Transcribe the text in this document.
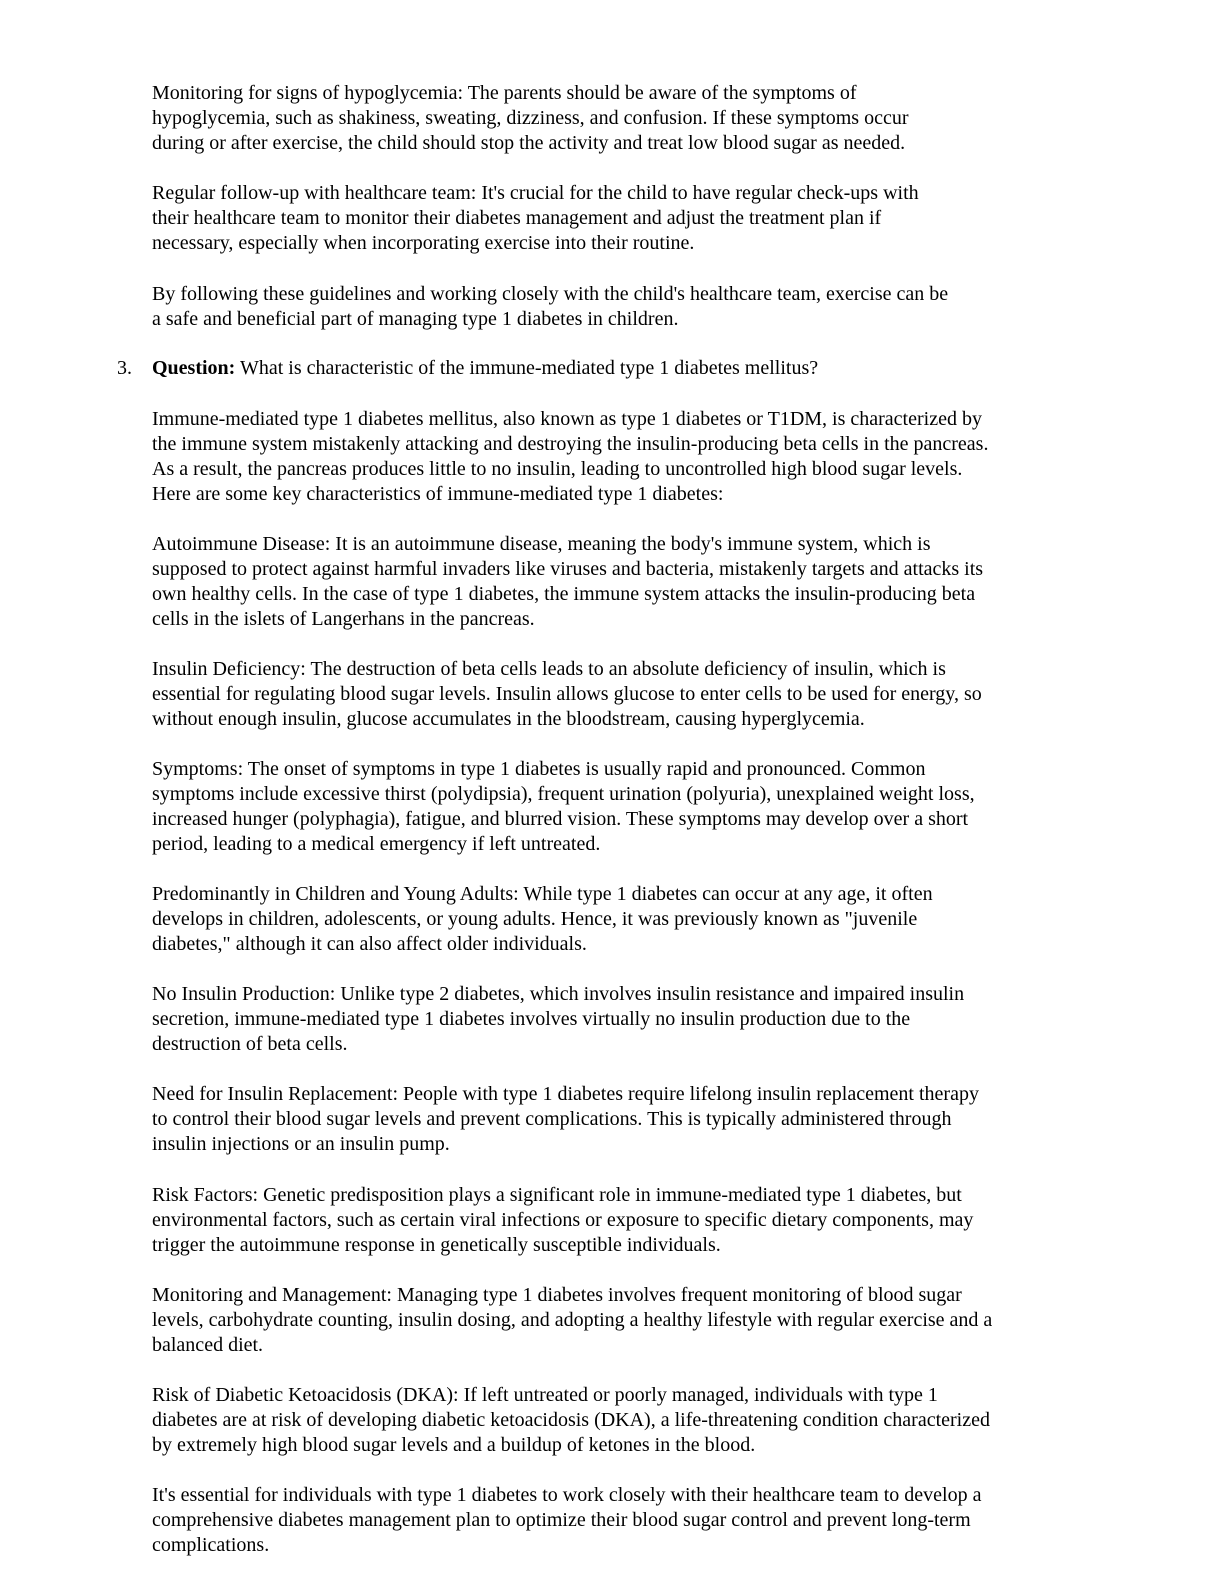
Monitoring for signs of hypoglycemia: The parents should be aware of the symptoms of
hypoglycemia, such as shakiness, sweating, dizziness, and confusion. If these symptoms occur
during or after exercise, the child should stop the activity and treat low blood sugar as needed.

Regular follow-up with healthcare team: It's crucial for the child to have regular check-ups with
their healthcare team to monitor their diabetes management and adjust the treatment plan if
necessary, especially when incorporating exercise into their routine.

By following these guidelines and working closely with the child's healthcare team, exercise can be
a safe and beneficial part of managing type 1 diabetes in children.

3. Question: What is characteristic of the immune-mediated type 1 diabetes mellitus?

Immune-mediated type 1 diabetes mellitus, also known as type 1 diabetes or T1DM, is characterized by
the immune system mistakenly attacking and destroying the insulin-producing beta cells in the pancreas.
As a result, the pancreas produces little to no insulin, leading to uncontrolled high blood sugar levels.
Here are some key characteristics of immune-mediated type 1 diabetes:

Autoimmune Disease: It is an autoimmune disease, meaning the body's immune system, which is
supposed to protect against harmful invaders like viruses and bacteria, mistakenly targets and attacks its
own healthy cells. In the case of type 1 diabetes, the immune system attacks the insulin-producing beta
cells in the islets of Langerhans in the pancreas.

Insulin Deficiency: The destruction of beta cells leads to an absolute deficiency of insulin, which is
essential for regulating blood sugar levels. Insulin allows glucose to enter cells to be used for energy, so
without enough insulin, glucose accumulates in the bloodstream, causing hyperglycemia.

Symptoms: The onset of symptoms in type 1 diabetes is usually rapid and pronounced. Common
symptoms include excessive thirst (polydipsia), frequent urination (polyuria), unexplained weight loss,
increased hunger (polyphagia), fatigue, and blurred vision. These symptoms may develop over a short
period, leading to a medical emergency if left untreated.

Predominantly in Children and Young Adults: While type 1 diabetes can occur at any age, it often
develops in children, adolescents, or young adults. Hence, it was previously known as "juvenile
diabetes," although it can also affect older individuals.

No Insulin Production: Unlike type 2 diabetes, which involves insulin resistance and impaired insulin
secretion, immune-mediated type 1 diabetes involves virtually no insulin production due to the
destruction of beta cells.

Need for Insulin Replacement: People with type 1 diabetes require lifelong insulin replacement therapy
to control their blood sugar levels and prevent complications. This is typically administered through
insulin injections or an insulin pump.

Risk Factors: Genetic predisposition plays a significant role in immune-mediated type 1 diabetes, but
environmental factors, such as certain viral infections or exposure to specific dietary components, may
trigger the autoimmune response in genetically susceptible individuals.

Monitoring and Management: Managing type 1 diabetes involves frequent monitoring of blood sugar
levels, carbohydrate counting, insulin dosing, and adopting a healthy lifestyle with regular exercise and a
balanced diet.

Risk of Diabetic Ketoacidosis (DKA): If left untreated or poorly managed, individuals with type 1
diabetes are at risk of developing diabetic ketoacidosis (DKA), a life-threatening condition characterized
by extremely high blood sugar levels and a buildup of ketones in the blood.

It's essential for individuals with type 1 diabetes to work closely with their healthcare team to develop a
comprehensive diabetes management plan to optimize their blood sugar control and prevent long-term
complications.
